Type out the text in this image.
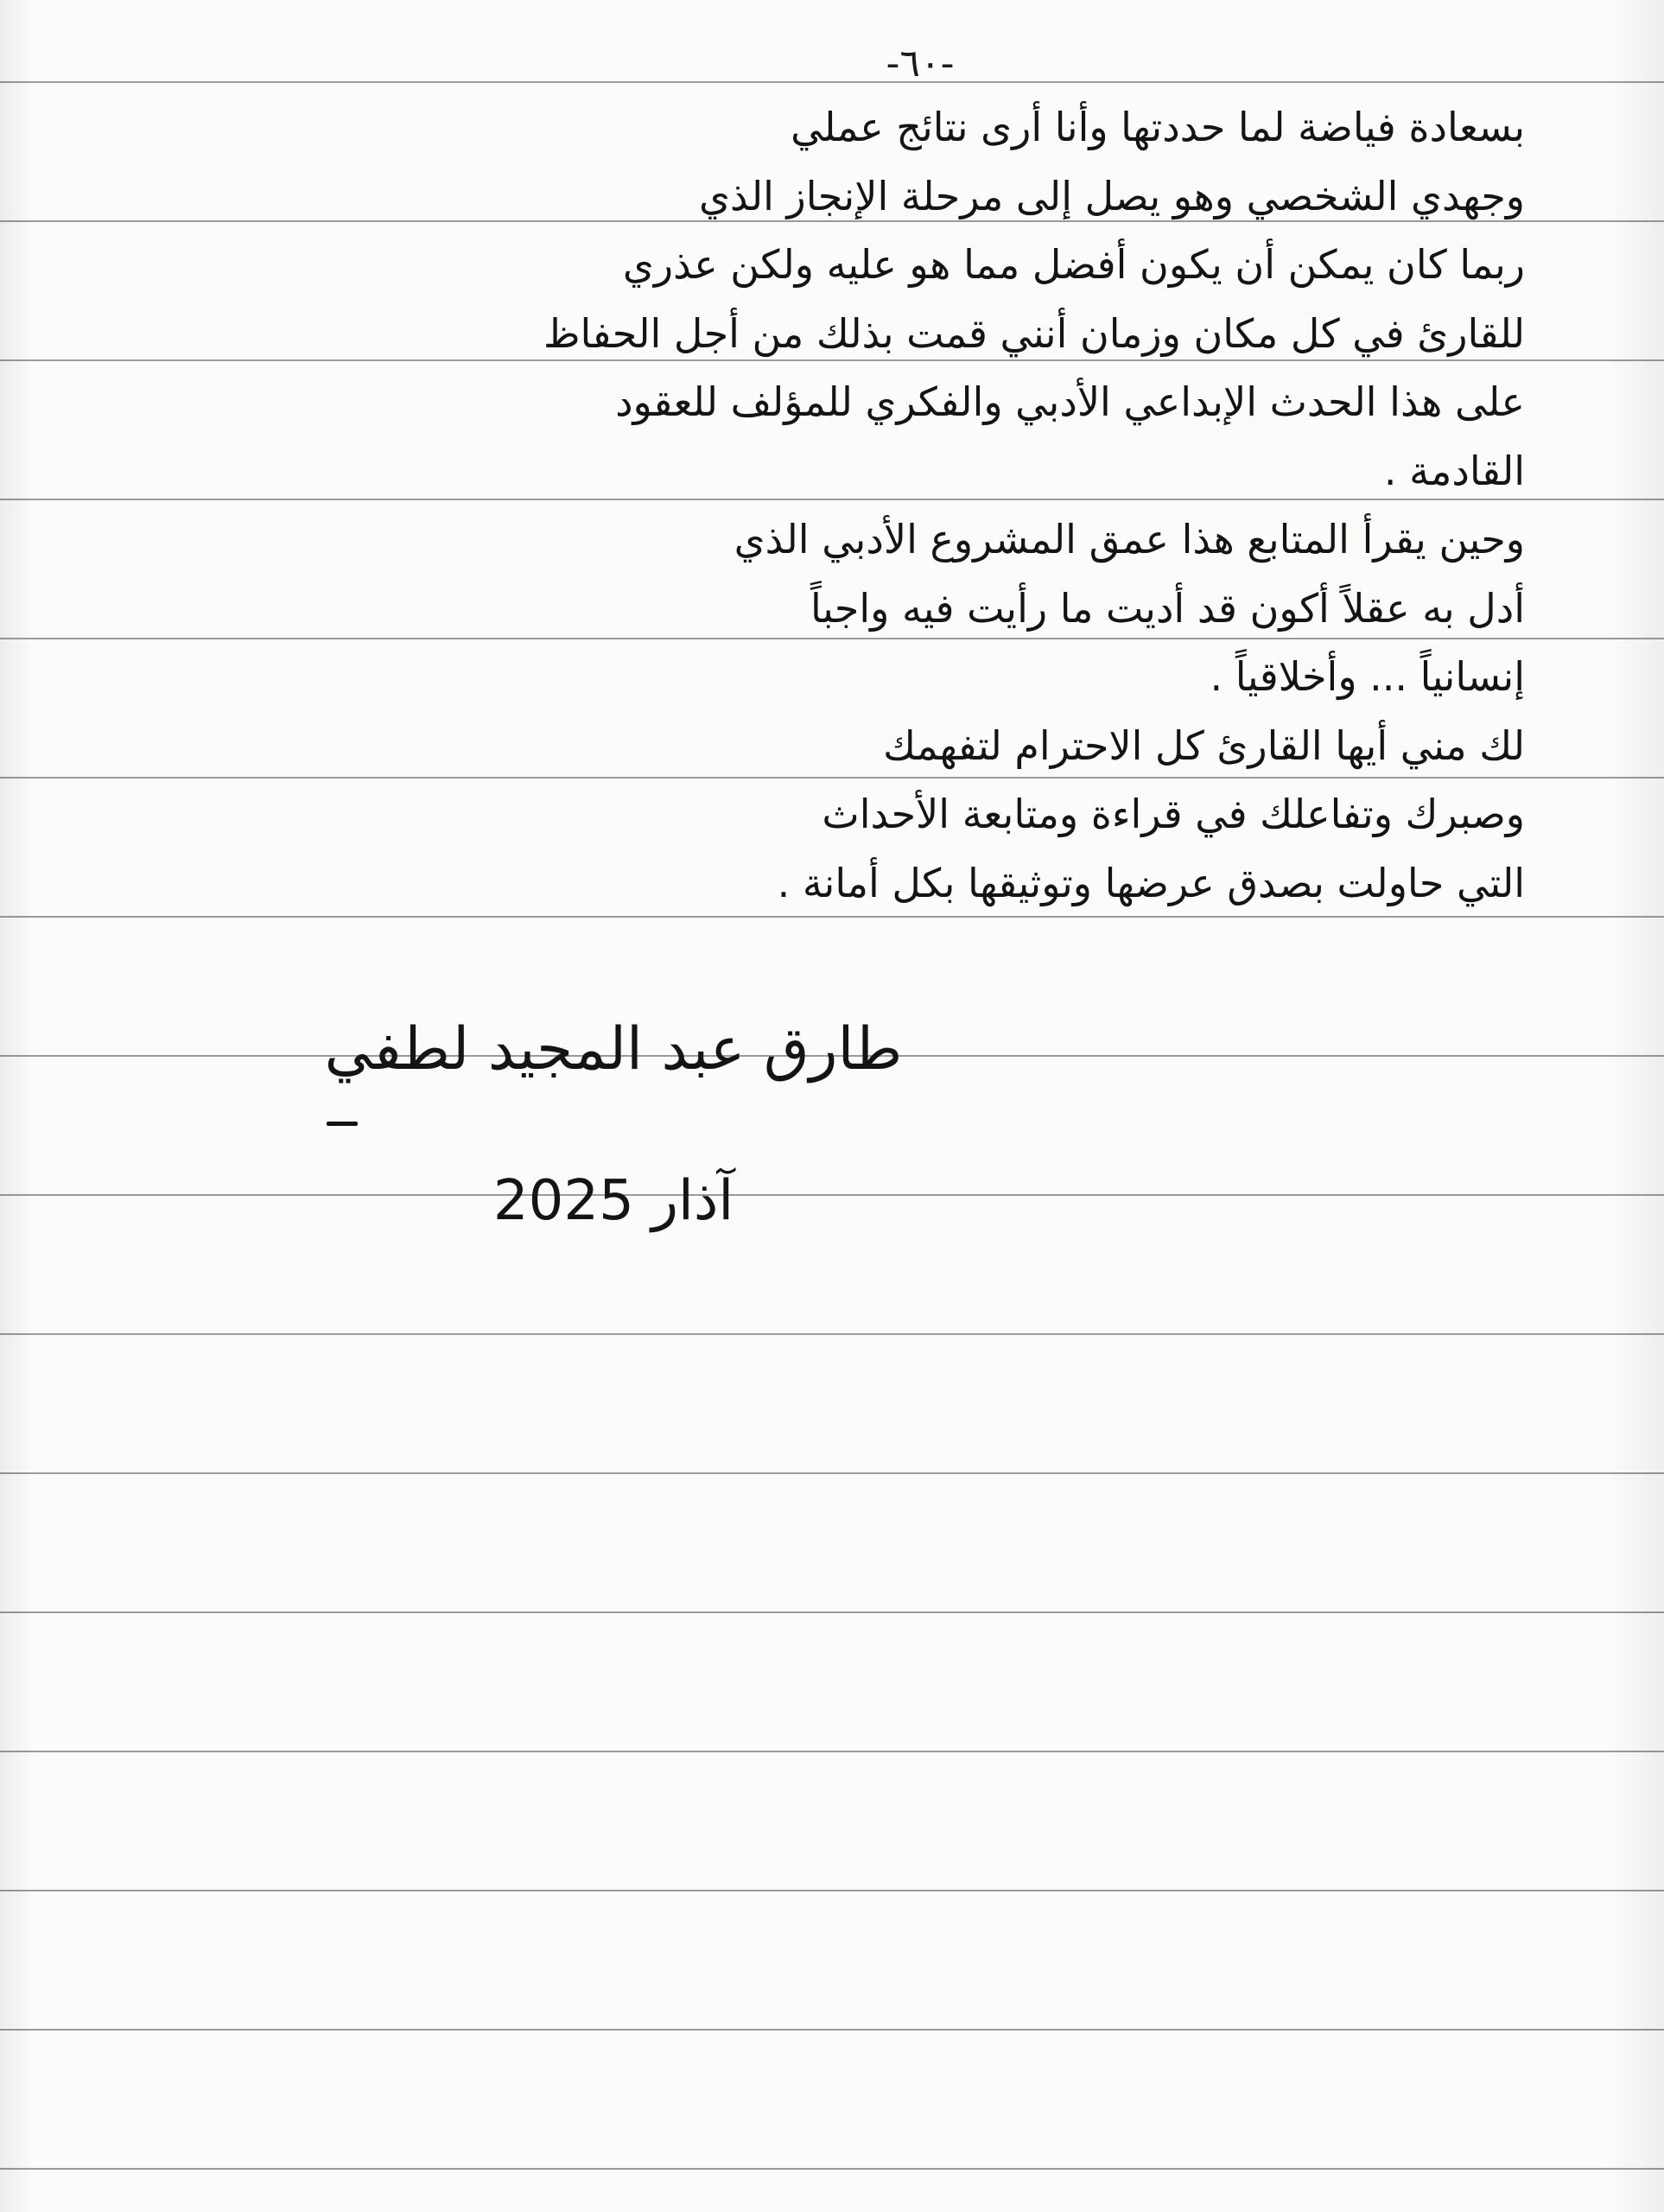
-٦٠-
بسعادة فياضة لما حددتها وأنا أرى نتائج عملي
وجهدي الشخصي وهو يصل إلى مرحلة الإنجاز الذي
ربما كان يمكن أن يكون أفضل مما هو عليه ولكن عذري
للقارئ في كل مكان وزمان أنني قمت بذلك من أجل الحفاظ
على هذا الحدث الإبداعي الأدبي والفكري للمؤلف للعقود
القادمة .
وحين يقرأ المتابع هذا عمق المشروع الأدبي الذي
أدل به عقلاً أكون قد أديت ما رأيت فيه واجباً
إنسانياً ... وأخلاقياً .
لك مني أيها القارئ كل الاحترام لتفهمك
وصبرك وتفاعلك في قراءة ومتابعة الأحداث
التي حاولت بصدق عرضها وتوثيقها بكل أمانة .
طارق عبد المجيد لطفي
آذار 2025
